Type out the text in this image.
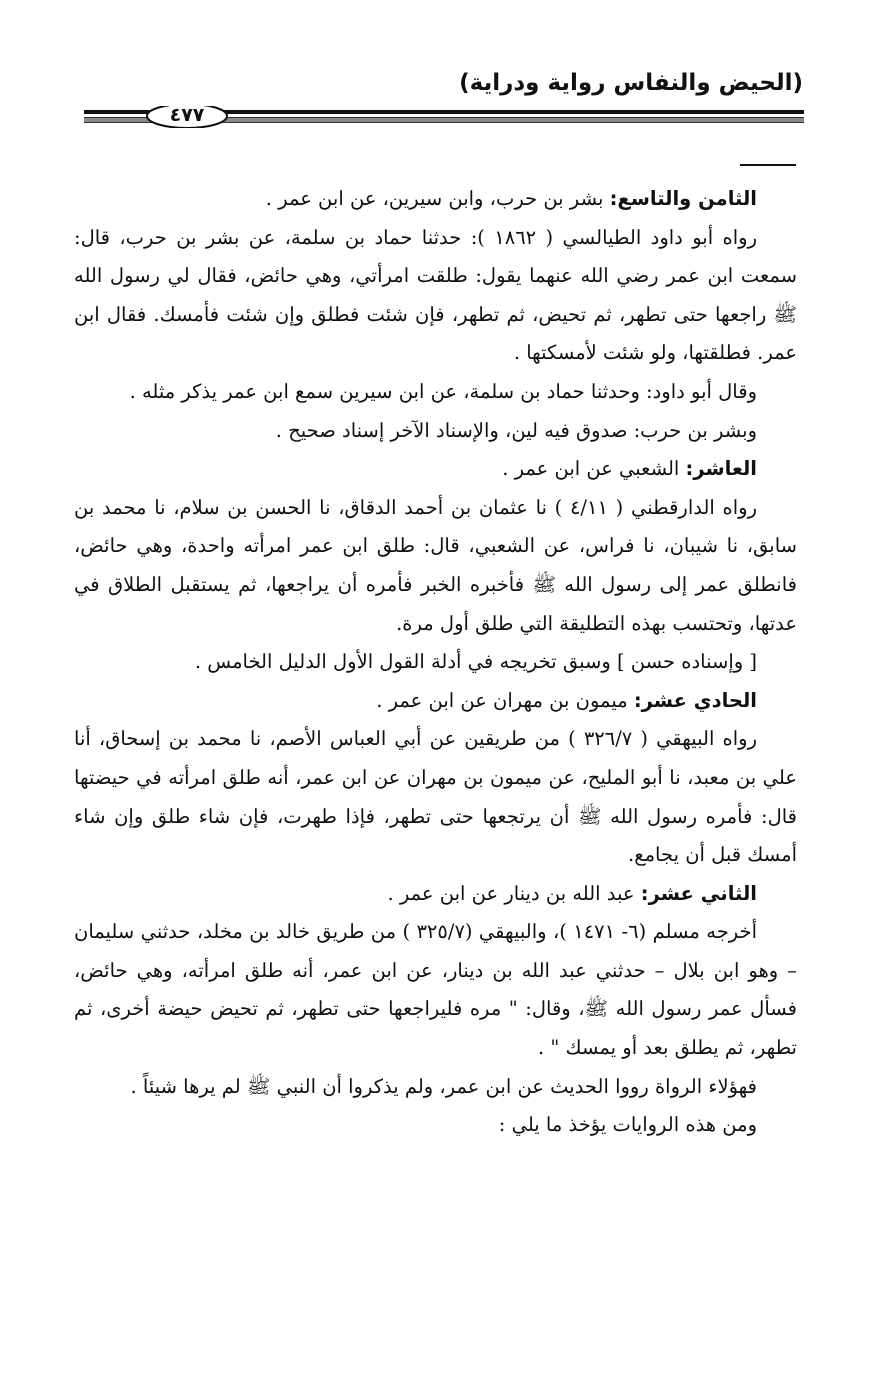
(الحيض والنفاس رواية ودراية)
٤٧٧

الثامن والتاسع: بشر بن حرب، وابن سيرين، عن ابن عمر .

رواه أبو داود الطيالسي ( ١٨٦٢ ): حدثنا حماد بن سلمة، عن بشر بن حرب، قال: سمعت ابن عمر رضي الله عنهما يقول: طلقت امرأتي، وهي حائض، فقال لي رسول الله ﷺ راجعها حتى تطهر، ثم تحيض، ثم تطهر، فإن شئت فطلق وإن شئت فأمسك. فقال ابن عمر. فطلقتها، ولو شئت لأمسكتها .

وقال أبو داود: وحدثنا حماد بن سلمة، عن ابن سيرين سمع ابن عمر يذكر مثله .

وبشر بن حرب: صدوق فيه لين، والإسناد الآخر إسناد صحيح .

العاشر: الشعبي عن ابن عمر .

رواه الدارقطني ( ٤/١١ ) نا عثمان بن أحمد الدقاق، نا الحسن بن سلام، نا محمد بن سابق، نا شيبان، نا فراس، عن الشعبي، قال: طلق ابن عمر امرأته واحدة، وهي حائض، فانطلق عمر إلى رسول الله ﷺ فأخبره الخبر فأمره أن يراجعها، ثم يستقبل الطلاق في عدتها، وتحتسب بهذه التطليقة التي طلق أول مرة.

[ وإسناده حسن ] وسبق تخريجه في أدلة القول الأول الدليل الخامس .

الحادي عشر: ميمون بن مهران عن ابن عمر .

رواه البيهقي ( ٣٢٦/٧ ) من طريقين عن أبي العباس الأصم، نا محمد بن إسحاق، أنا علي بن معبد، نا أبو المليح، عن ميمون بن مهران عن ابن عمر، أنه طلق امرأته في حيضتها قال: فأمره رسول الله ﷺ أن يرتجعها حتى تطهر، فإذا طهرت، فإن شاء طلق وإن شاء أمسك قبل أن يجامع.

الثاني عشر: عبد الله بن دينار عن ابن عمر .

أخرجه مسلم (٦- ١٤٧١ )، والبيهقي (٣٢٥/٧ ) من طريق خالد بن مخلد، حدثني سليمان – وهو ابن بلال – حدثني عبد الله بن دينار، عن ابن عمر، أنه طلق امرأته، وهي حائض، فسأل عمر رسول الله ﷺ، وقال: " مره فليراجعها حتى تطهر، ثم تحيض حيضة أخرى، ثم تطهر، ثم يطلق بعد أو يمسك " .

فهؤلاء الرواة رووا الحديث عن ابن عمر، ولم يذكروا أن النبي ﷺ لم يرها شيئاً .

ومن هذه الروايات يؤخذ ما يلي :
